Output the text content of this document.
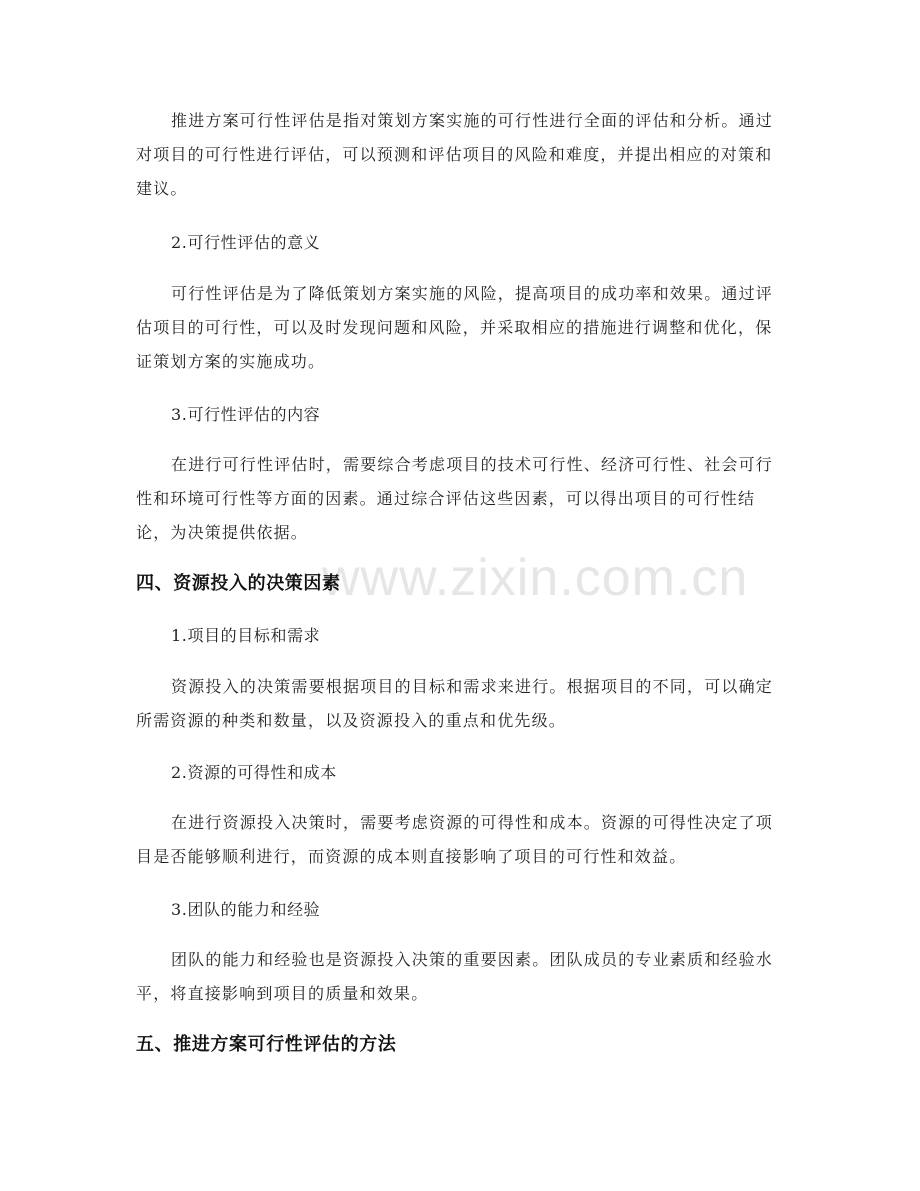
www.zixin.com.cn

推进方案可行性评估是指对策划方案实施的可行性进行全面的评估和分析。通过对项目的可行性进行评估，可以预测和评估项目的风险和难度，并提出相应的对策和建议。

2.可行性评估的意义

可行性评估是为了降低策划方案实施的风险，提高项目的成功率和效果。通过评估项目的可行性，可以及时发现问题和风险，并采取相应的措施进行调整和优化，保证策划方案的实施成功。

3.可行性评估的内容

在进行可行性评估时，需要综合考虑项目的技术可行性、经济可行性、社会可行性和环境可行性等方面的因素。通过综合评估这些因素，可以得出项目的可行性结论，为决策提供依据。

四、资源投入的决策因素

1.项目的目标和需求

资源投入的决策需要根据项目的目标和需求来进行。根据项目的不同，可以确定所需资源的种类和数量，以及资源投入的重点和优先级。

2.资源的可得性和成本

在进行资源投入决策时，需要考虑资源的可得性和成本。资源的可得性决定了项目是否能够顺利进行，而资源的成本则直接影响了项目的可行性和效益。

3.团队的能力和经验

团队的能力和经验也是资源投入决策的重要因素。团队成员的专业素质和经验水平，将直接影响到项目的质量和效果。

五、推进方案可行性评估的方法
